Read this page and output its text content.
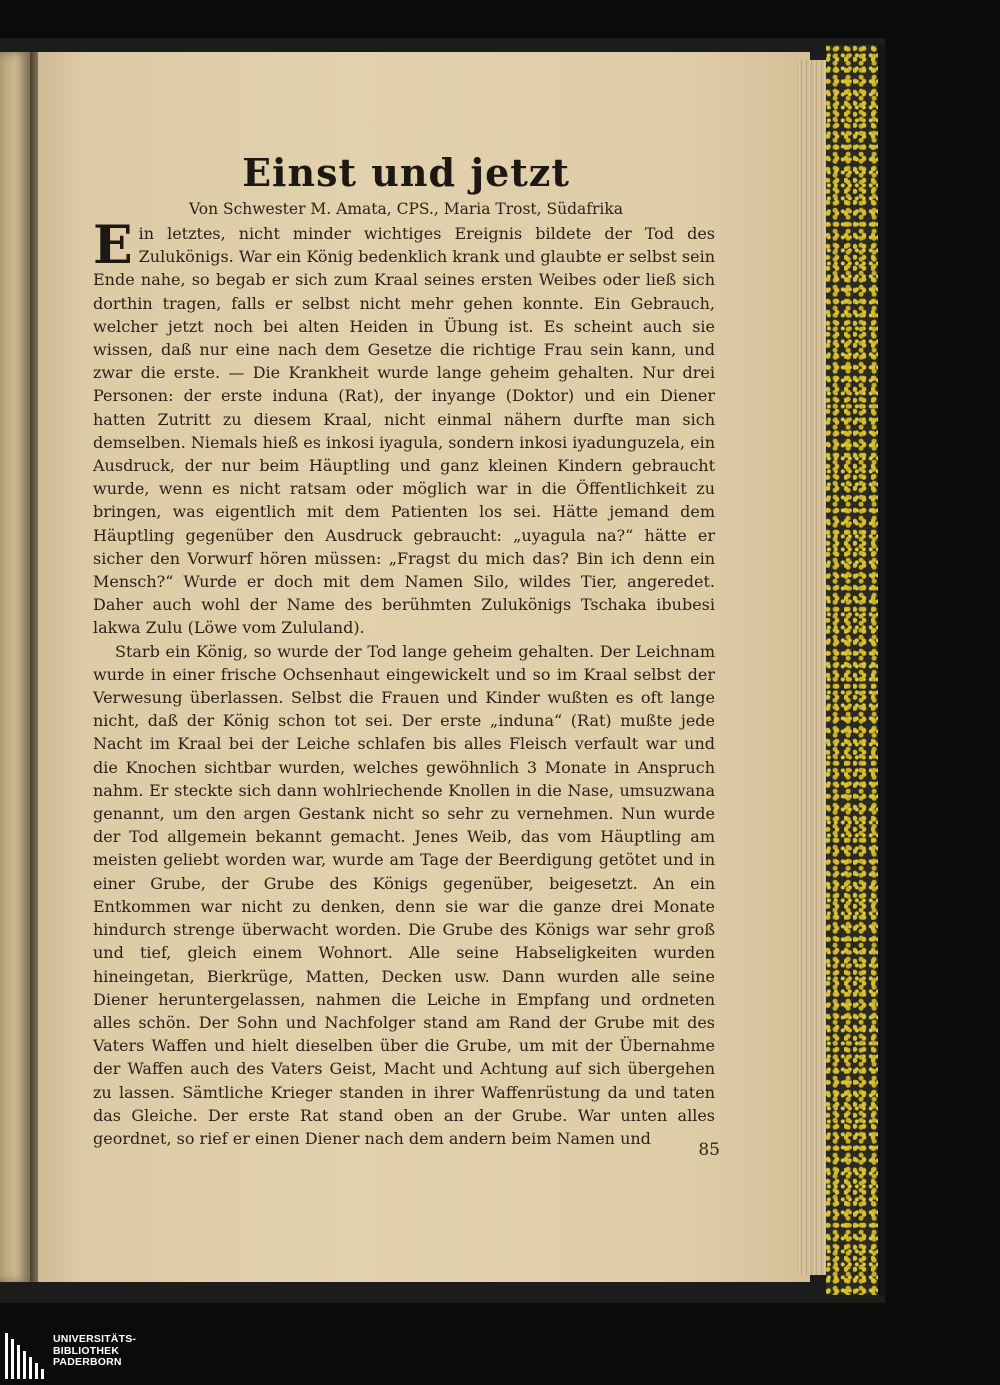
Einst und jetzt

Von Schwester M. Amata, CPS., Maria Trost, Südafrika

Ein letztes, nicht minder wichtiges Ereignis bildete der Tod des Zulukönigs. War ein König bedenklich krank und glaubte er selbst sein Ende nahe, so begab er sich zum Kraal seines ersten Weibes oder ließ sich dorthin tragen, falls er selbst nicht mehr gehen konnte. Ein Gebrauch, welcher jetzt noch bei alten Heiden in Übung ist. Es scheint auch sie wissen, daß nur eine nach dem Gesetze die richtige Frau sein kann, und zwar die erste. — Die Krankheit wurde lange geheim gehalten. Nur drei Personen: der erste induna (Rat), der inyange (Doktor) und ein Diener hatten Zutritt zu diesem Kraal, nicht einmal nähern durfte man sich demselben. Niemals hieß es inkosi iyagula, sondern inkosi iyadunguzela, ein Ausdruck, der nur beim Häuptling und ganz kleinen Kindern gebraucht wurde, wenn es nicht ratsam oder möglich war in die Öffentlichkeit zu bringen, was eigentlich mit dem Patienten los sei. Hätte jemand dem Häuptling gegenüber den Ausdruck gebraucht: „uyagula na?“ hätte er sicher den Vorwurf hören müssen: „Fragst du mich das? Bin ich denn ein Mensch?“ Wurde er doch mit dem Namen Silo, wildes Tier, angeredet. Daher auch wohl der Name des berühmten Zulukönigs Tschaka ibubesi lakwa Zulu (Löwe vom Zululand).

Starb ein König, so wurde der Tod lange geheim gehalten. Der Leichnam wurde in einer frische Ochsenhaut eingewickelt und so im Kraal selbst der Verwesung überlassen. Selbst die Frauen und Kinder wußten es oft lange nicht, daß der König schon tot sei. Der erste „induna“ (Rat) mußte jede Nacht im Kraal bei der Leiche schlafen bis alles Fleisch verfault war und die Knochen sichtbar wurden, welches gewöhnlich 3 Monate in Anspruch nahm. Er steckte sich dann wohlriechende Knollen in die Nase, umsuzwana genannt, um den argen Gestank nicht so sehr zu vernehmen. Nun wurde der Tod allgemein bekannt gemacht. Jenes Weib, das vom Häuptling am meisten geliebt worden war, wurde am Tage der Beerdigung getötet und in einer Grube, der Grube des Königs gegenüber, beigesetzt. An ein Entkommen war nicht zu denken, denn sie war die ganze drei Monate hindurch strenge überwacht worden. Die Grube des Königs war sehr groß und tief, gleich einem Wohnort. Alle seine Habseligkeiten wurden hineingetan, Bierkrüge, Matten, Decken usw. Dann wurden alle seine Diener heruntergelassen, nahmen die Leiche in Empfang und ordneten alles schön. Der Sohn und Nachfolger stand am Rand der Grube mit des Vaters Waffen und hielt dieselben über die Grube, um mit der Übernahme der Waffen auch des Vaters Geist, Macht und Achtung auf sich übergehen zu lassen. Sämtliche Krieger standen in ihrer Waffenrüstung da und taten das Gleiche. Der erste Rat stand oben an der Grube. War unten alles geordnet, so rief er einen Diener nach dem andern beim Namen und

85
UNIVERSITÄTS-
BIBLIOTHEK
PADERBORN
